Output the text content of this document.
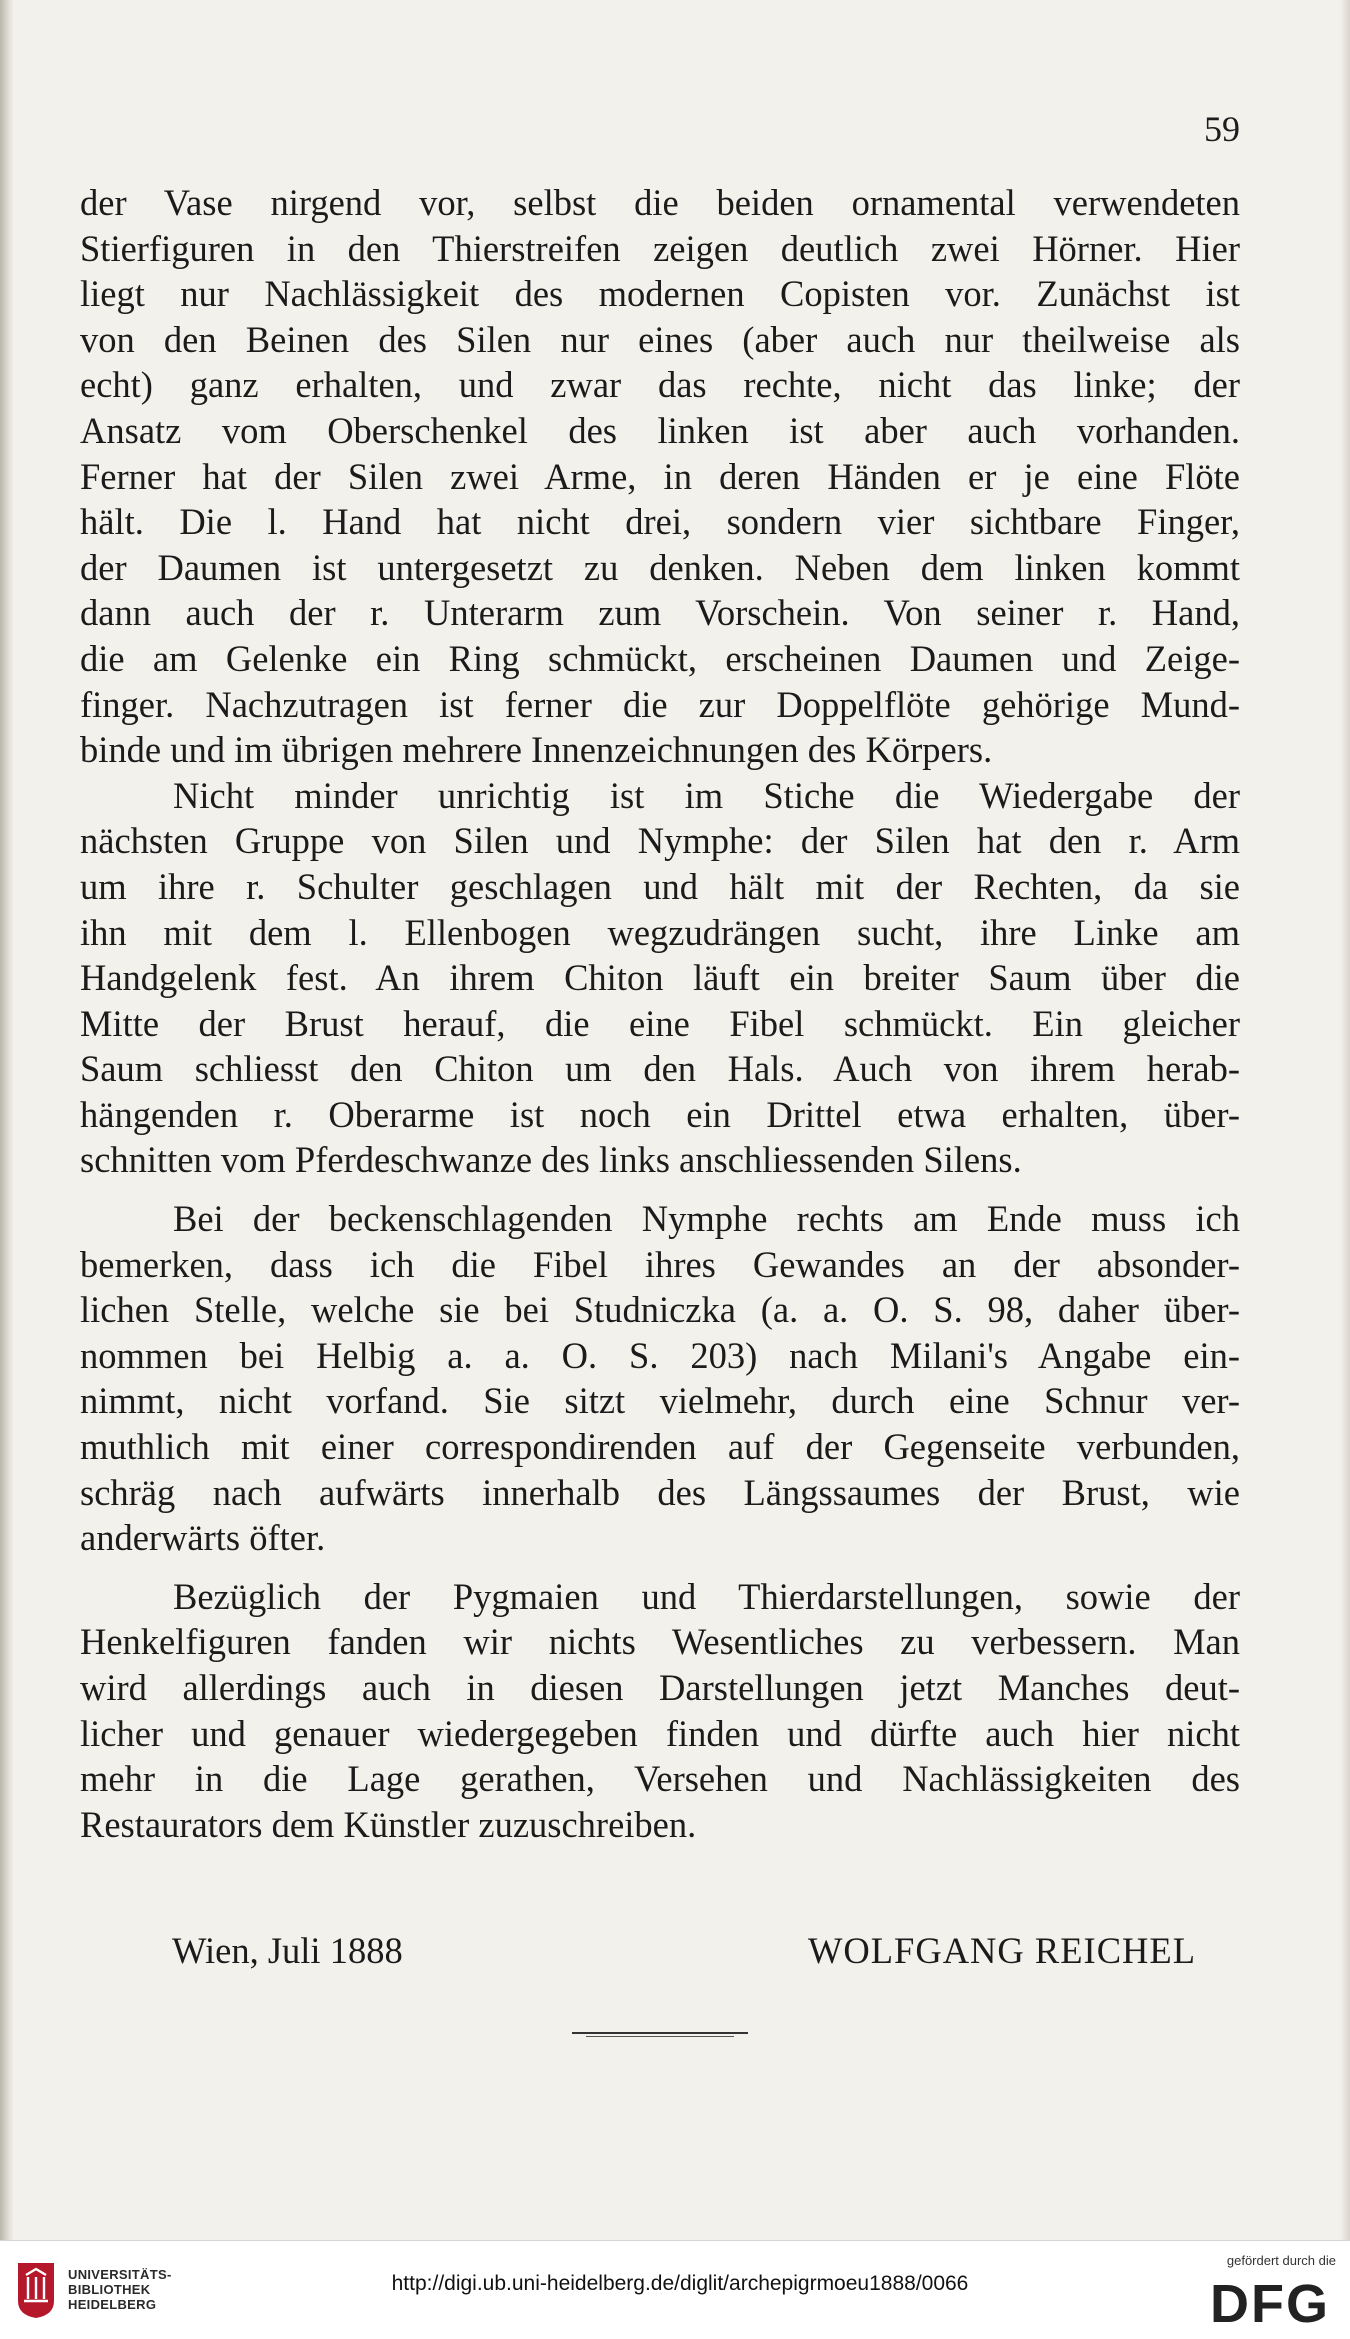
59
der Vase nirgend vor, selbst die beiden ornamental verwendeten
Stierfiguren in den Thierstreifen zeigen deutlich zwei Hörner. Hier
liegt nur Nachlässigkeit des modernen Copisten vor. Zunächst ist
von den Beinen des Silen nur eines (aber auch nur theilweise als
echt) ganz erhalten, und zwar das rechte, nicht das linke; der
Ansatz vom Oberschenkel des linken ist aber auch vorhanden.
Ferner hat der Silen zwei Arme, in deren Händen er je eine Flöte
hält. Die l. Hand hat nicht drei, sondern vier sichtbare Finger,
der Daumen ist untergesetzt zu denken. Neben dem linken kommt
dann auch der r. Unterarm zum Vorschein. Von seiner r. Hand,
die am Gelenke ein Ring schmückt, erscheinen Daumen und Zeige-
finger. Nachzutragen ist ferner die zur Doppelflöte gehörige Mund-
binde und im übrigen mehrere Innenzeichnungen des Körpers.
Nicht minder unrichtig ist im Stiche die Wiedergabe der
nächsten Gruppe von Silen und Nymphe: der Silen hat den r. Arm
um ihre r. Schulter geschlagen und hält mit der Rechten, da sie
ihn mit dem l. Ellenbogen wegzudrängen sucht, ihre Linke am
Handgelenk fest. An ihrem Chiton läuft ein breiter Saum über die
Mitte der Brust herauf, die eine Fibel schmückt. Ein gleicher
Saum schliesst den Chiton um den Hals. Auch von ihrem herab-
hängenden r. Oberarme ist noch ein Drittel etwa erhalten, über-
schnitten vom Pferdeschwanze des links anschliessenden Silens.
Bei der beckenschlagenden Nymphe rechts am Ende muss ich
bemerken, dass ich die Fibel ihres Gewandes an der absonder-
lichen Stelle, welche sie bei Studniczka (a. a. O. S. 98, daher über-
nommen bei Helbig a. a. O. S. 203) nach Milani's Angabe ein-
nimmt, nicht vorfand. Sie sitzt vielmehr, durch eine Schnur ver-
muthlich mit einer correspondirenden auf der Gegenseite verbunden,
schräg nach aufwärts innerhalb des Längssaumes der Brust, wie
anderwärts öfter.
Bezüglich der Pygmaien und Thierdarstellungen, sowie der
Henkelfiguren fanden wir nichts Wesentliches zu verbessern. Man
wird allerdings auch in diesen Darstellungen jetzt Manches deut-
licher und genauer wiedergegeben finden und dürfte auch hier nicht
mehr in die Lage gerathen, Versehen und Nachlässigkeiten des
Restaurators dem Künstler zuzuschreiben.
Wien, Juli 1888	WOLFGANG REICHEL
UNIVERSITÄTS-
BIBLIOTHEK
HEIDELBERG
http://digi.ub.uni-heidelberg.de/diglit/archepigrmoeu1888/0066
gefördert durch die
DFG
